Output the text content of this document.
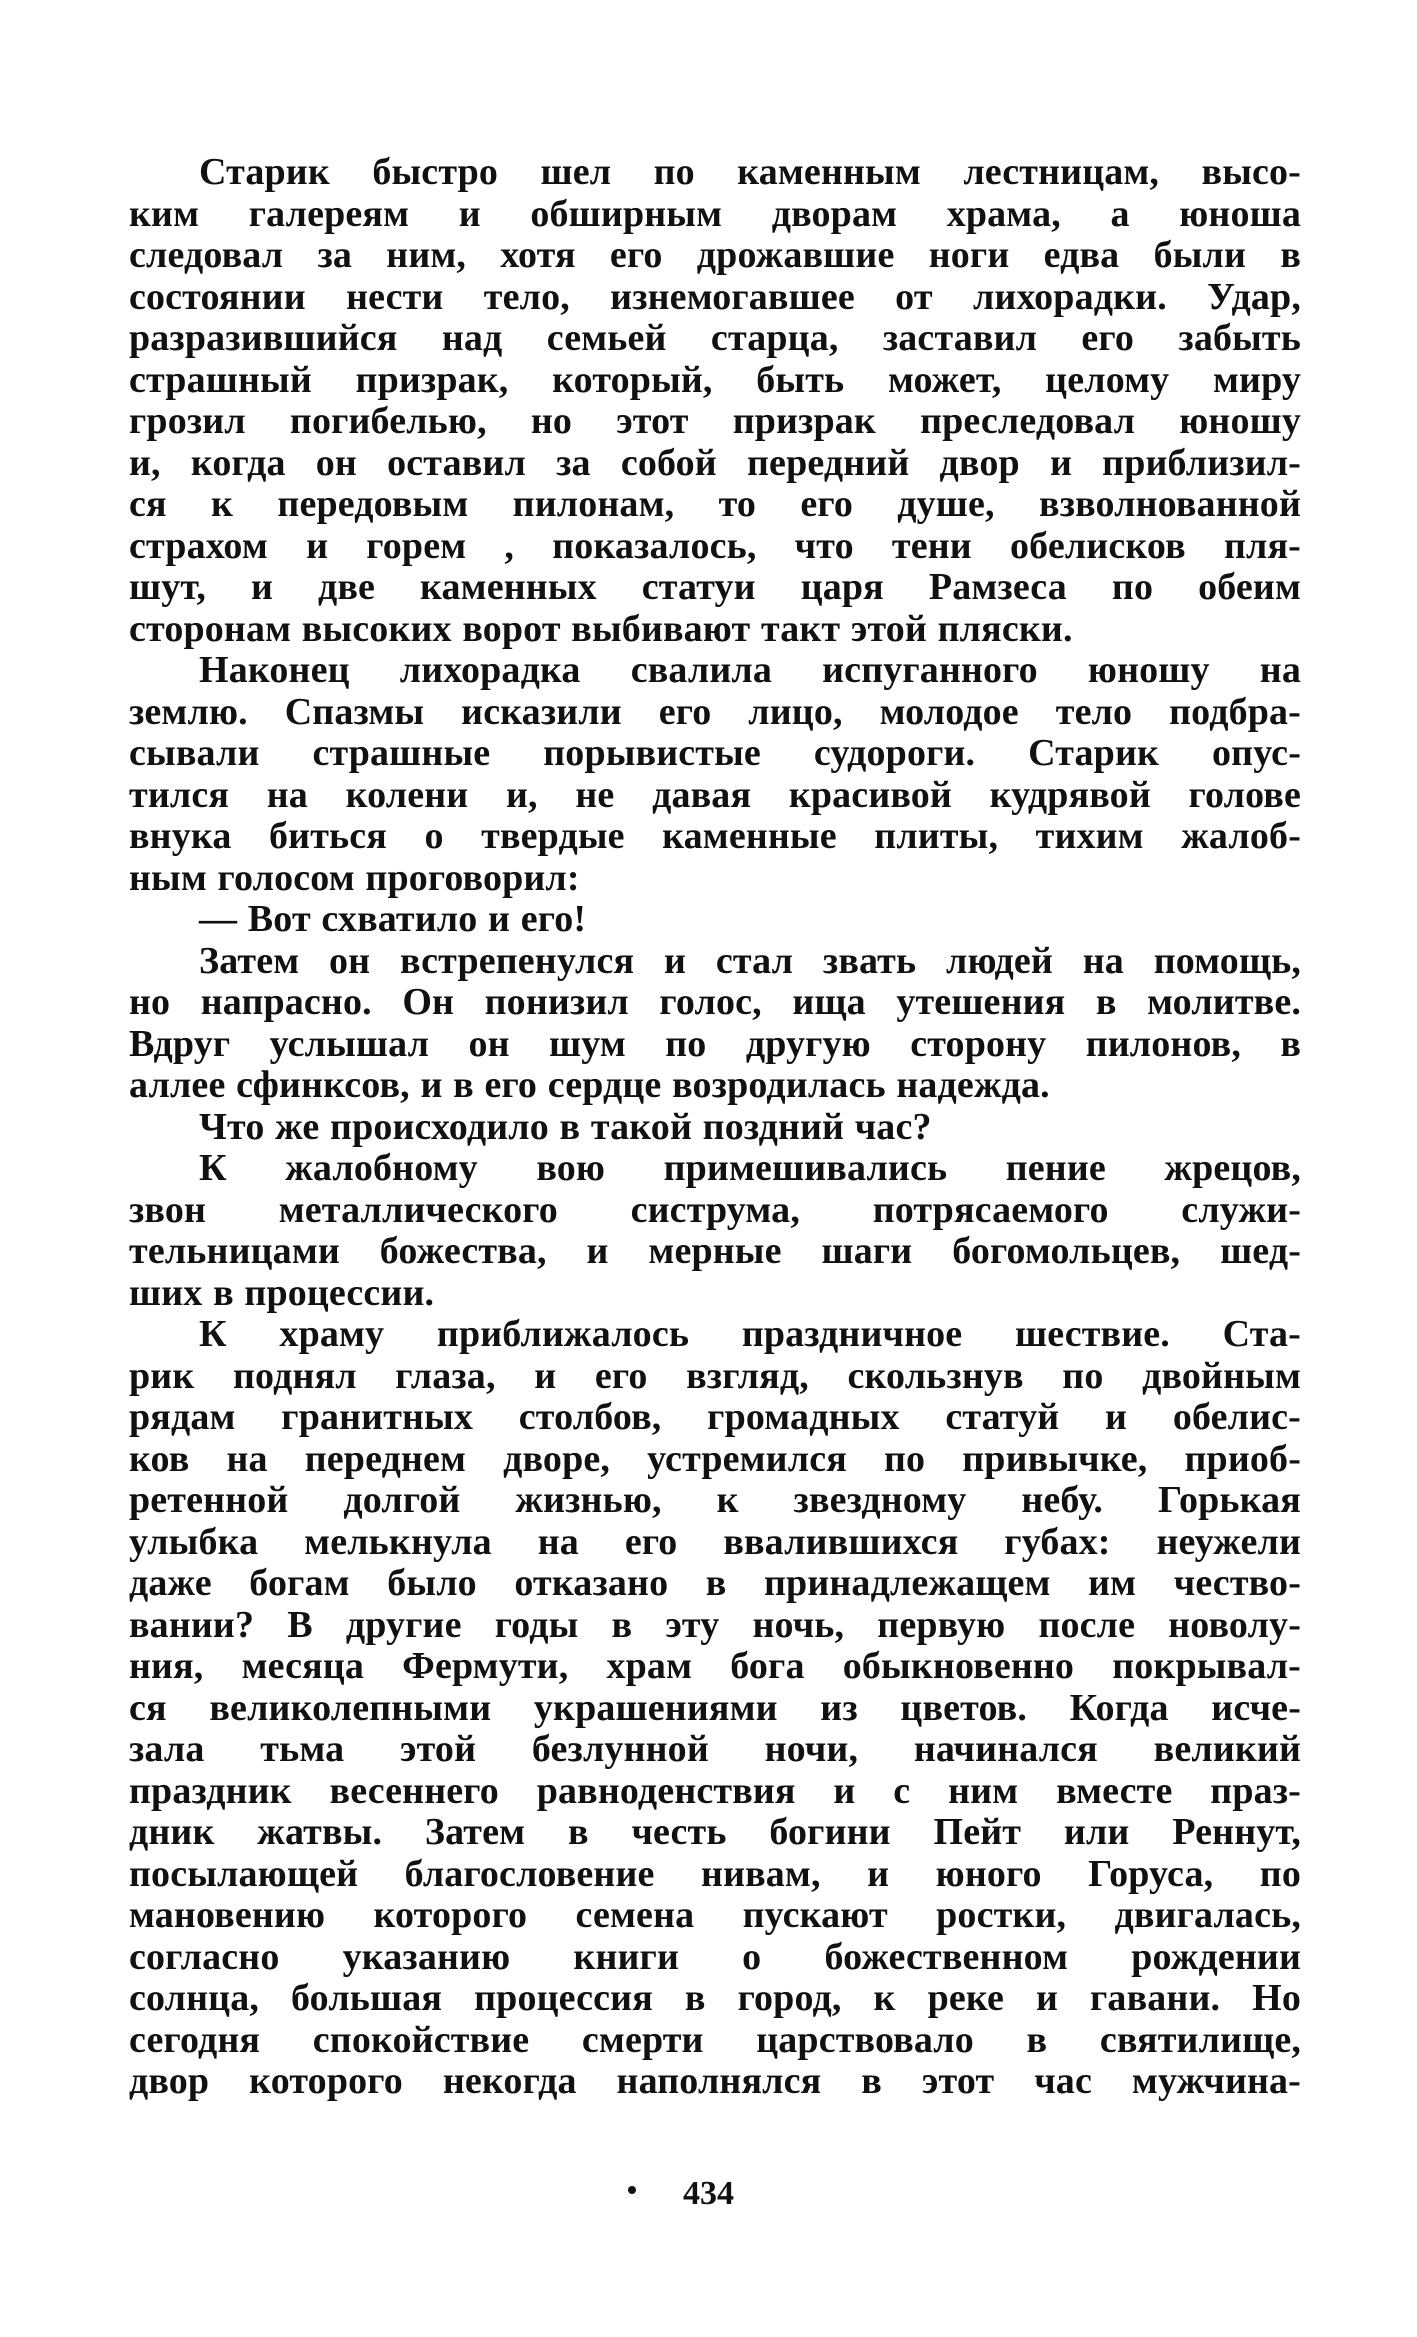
Старик быстро шел по каменным лестницам, высо-
ким галереям и обширным дворам храма, а юноша
следовал за ним, хотя его дрожавшие ноги едва были в
состоянии нести тело, изнемогавшее от лихорадки. Удар,
разразившийся над семьей старца, заставил его забыть
страшный призрак, который, быть может, целому миру
грозил погибелью, но этот призрак преследовал юношу
и, когда он оставил за собой передний двор и приблизил-
ся к передовым пилонам, то его душе, взволнованной
страхом и горем , показалось, что тени обелисков пля-
шут, и две каменных статуи царя Рамзеса по обеим
сторонам высоких ворот выбивают такт этой пляски.
Наконец лихорадка свалила испуганного юношу на
землю. Спазмы исказили его лицо, молодое тело подбра-
сывали страшные порывистые судороги. Старик опус-
тился на колени и, не давая красивой кудрявой голове
внука биться о твердые каменные плиты, тихим жалоб-
ным голосом проговорил:
— Вот схватило и его!
Затем он встрепенулся и стал звать людей на помощь,
но напрасно. Он понизил голос, ища утешения в молитве.
Вдруг услышал он шум по другую сторону пилонов, в
аллее сфинксов, и в его сердце возродилась надежда.
Что же происходило в такой поздний час?
К жалобному вою примешивались пение жрецов,
звон металлического систрума, потрясаемого служи-
тельницами божества, и мерные шаги богомольцев, шед-
ших в процессии.
К храму приближалось праздничное шествие. Ста-
рик поднял глаза, и его взгляд, скользнув по двойным
рядам гранитных столбов, громадных статуй и обелис-
ков на переднем дворе, устремился по привычке, приоб-
ретенной долгой жизнью, к звездному небу. Горькая
улыбка мелькнула на его ввалившихся губах: неужели
даже богам было отказано в принадлежащем им чество-
вании? В другие годы в эту ночь, первую после новолу-
ния, месяца Фермути, храм бога обыкновенно покрывал-
ся великолепными украшениями из цветов. Когда исче-
зала тьма этой безлунной ночи, начинался великий
праздник весеннего равноденствия и с ним вместе праз-
дник жатвы. Затем в честь богини Пейт или Реннут,
посылающей благословение нивам, и юного Горуса, по
мановению которого семена пускают ростки, двигалась,
согласно указанию книги о божественном рождении
солнца, большая процессия в город, к реке и гавани. Но
сегодня спокойствие смерти царствовало в святилище,
двор которого некогда наполнялся в этот час мужчина-
434
